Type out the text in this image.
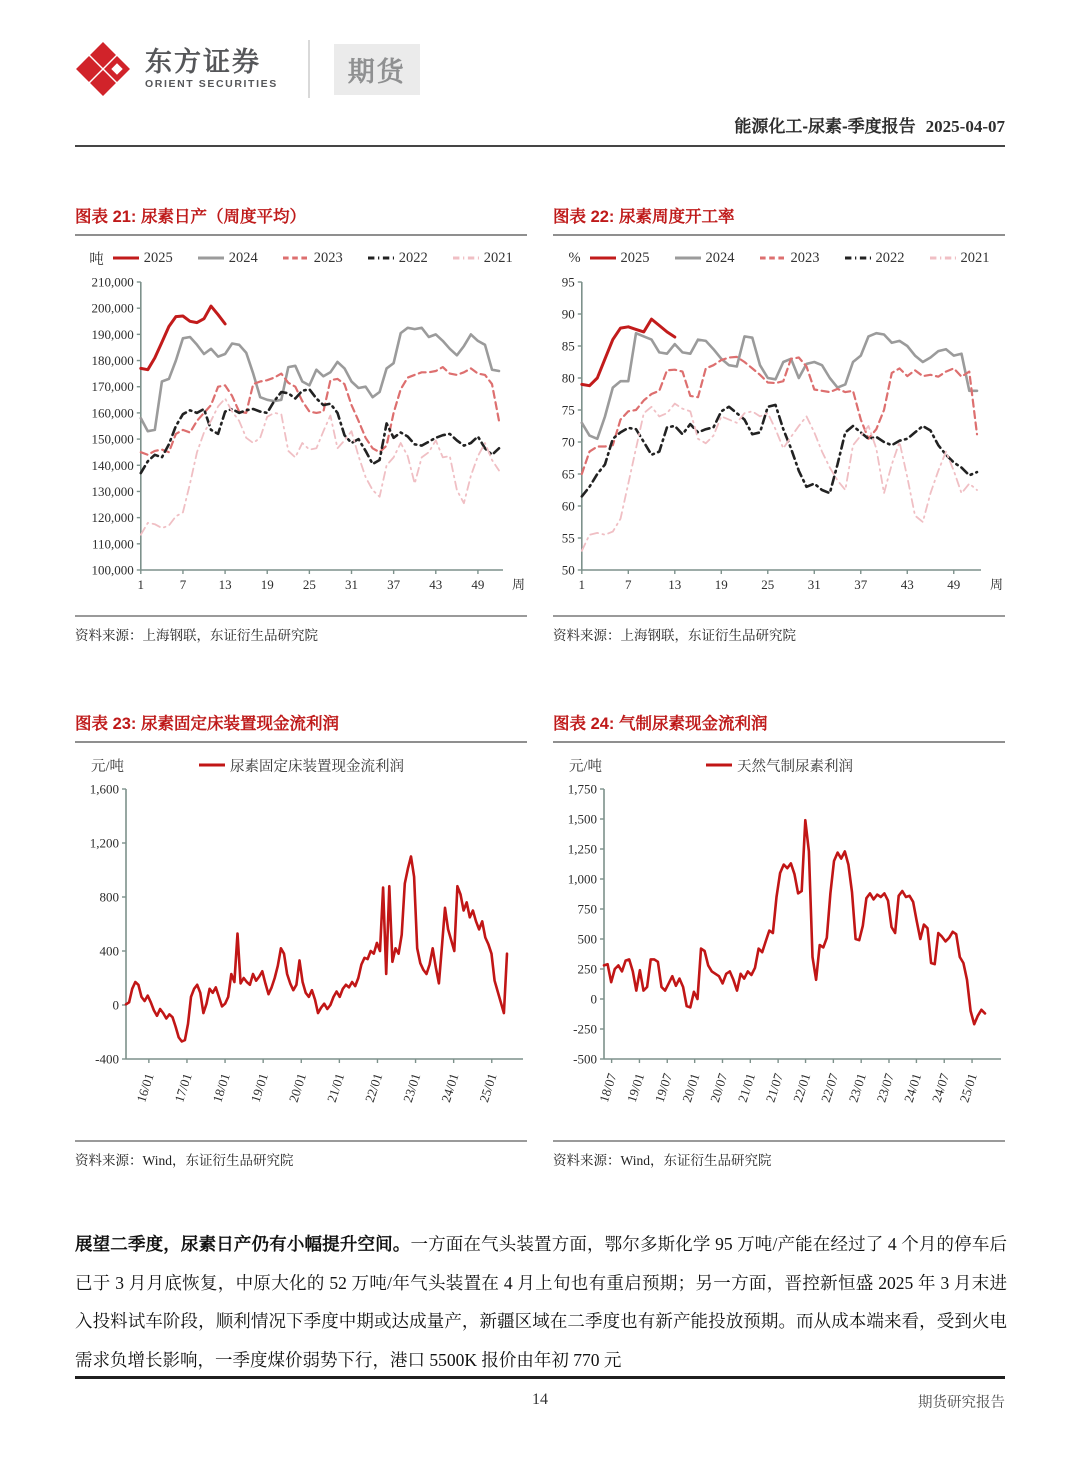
东方证券
ORIENT SECURITIES	期货
能源化工-尿素-季度报告 2025-04-07
图表 21: 尿素日产（周度平均）
吨	2025	2024	2023	2022	2021
100,000
110,000
120,000
130,000
140,000
150,000
160,000
170,000
180,000
190,000
200,000
210,000
1	7 13 19 25 31 37 43 49 周
资料来源：上海钢联，东证衍生品研究院
图表 22: 尿素周度开工率
%	2025	2024	2023	2022	2021
50
55
60
65
70
75
80
85
90
95
1	7	13	19	25	31	37	43	49 周
资料来源：上海钢联，东证衍生品研究院
图表 23: 尿素固定床装置现金流利润
元/吨	尿素固定床装置现金流利润
-400
0
400
800
1,200
1,600
16/01 17/01 18/01 19/01 20/01 21/01 22/01 23/01 24/01 25/01
资料来源：Wind，东证衍生品研究院
图表 24: 气制尿素现金流利润
元/吨	天然气制尿素利润
-500
-250
0
250
500
750
1,000
1,250
1,500
1,750
18/07 19/01 19/07 20/01 20/07 21/01 21/07 22/01 22/07 23/01 23/07 24/01 24/07 25/01
资料来源：Wind，东证衍生品研究院

展望二季度，尿素日产仍有小幅提升空间。一方面在气头装置方面，鄂尔多斯化学 95 万吨/产能在经过了 4 个月的停车后已于 3 月月底恢复，中原大化的 52 万吨/年气头装置在 4 月上旬也有重启预期；另一方面，晋控新恒盛 2025 年 3 月末进入投料试车阶段，顺利情况下季度中期或达成量产，新疆区域在二季度也有新产能投放预期。而从成本端来看，受到火电需求负增长影响，一季度煤价弱势下行，港口 5500K 报价由年初 770 元

14	期货研究报告
